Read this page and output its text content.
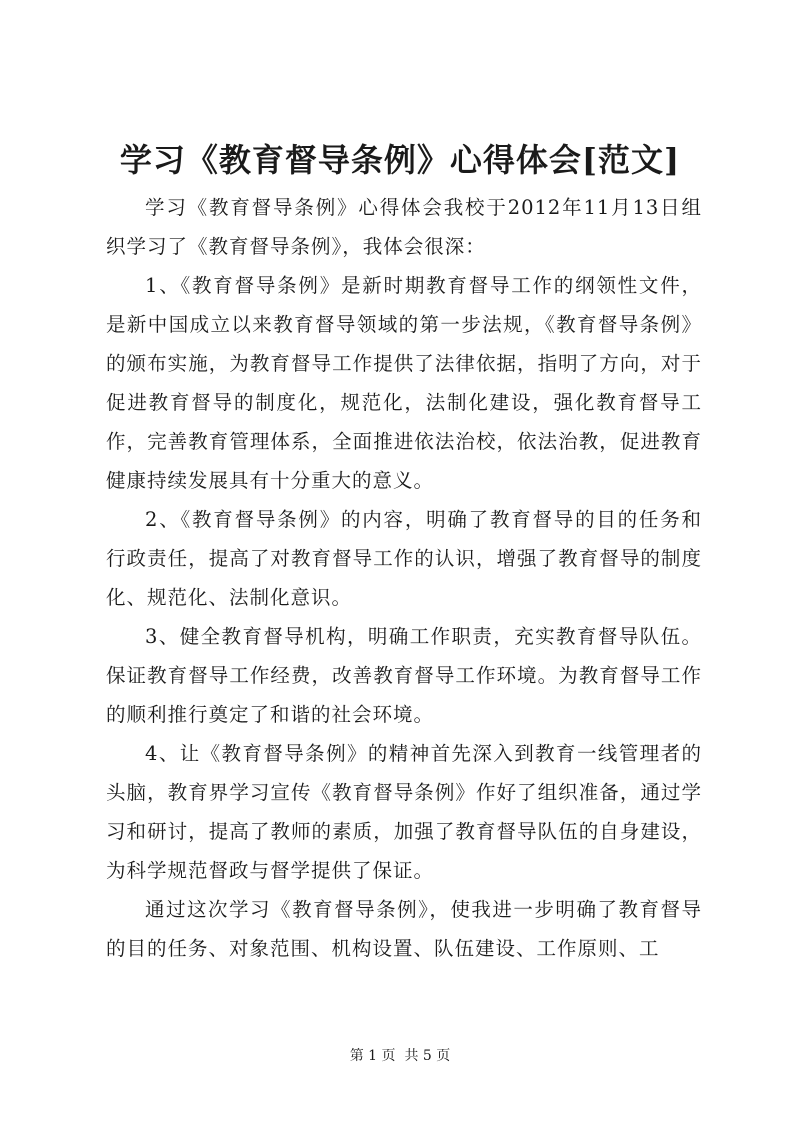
学习《教育督导条例》心得体会[范文]

学习《教育督导条例》心得体会我校于2012年11月13日组织学习了《教育督导条例》，我体会很深：

1、《教育督导条例》是新时期教育督导工作的纲领性文件，是新中国成立以来教育督导领域的第一步法规，《教育督导条例》的颁布实施，为教育督导工作提供了法律依据，指明了方向，对于促进教育督导的制度化，规范化，法制化建设，强化教育督导工作，完善教育管理体系，全面推进依法治校，依法治教，促进教育健康持续发展具有十分重大的意义。

2、《教育督导条例》的内容，明确了教育督导的目的任务和行政责任，提高了对教育督导工作的认识，增强了教育督导的制度化、规范化、法制化意识。

3、健全教育督导机构，明确工作职责，充实教育督导队伍。保证教育督导工作经费，改善教育督导工作环境。为教育督导工作的顺利推行奠定了和谐的社会环境。

4、让《教育督导条例》的精神首先深入到教育一线管理者的头脑，教育界学习宣传《教育督导条例》作好了组织准备，通过学习和研讨，提高了教师的素质，加强了教育督导队伍的自身建设，为科学规范督政与督学提供了保证。

通过这次学习《教育督导条例》，使我进一步明确了教育督导的目的任务、对象范围、机构设置、队伍建设、工作原则、工

第 1 页  共 5 页
